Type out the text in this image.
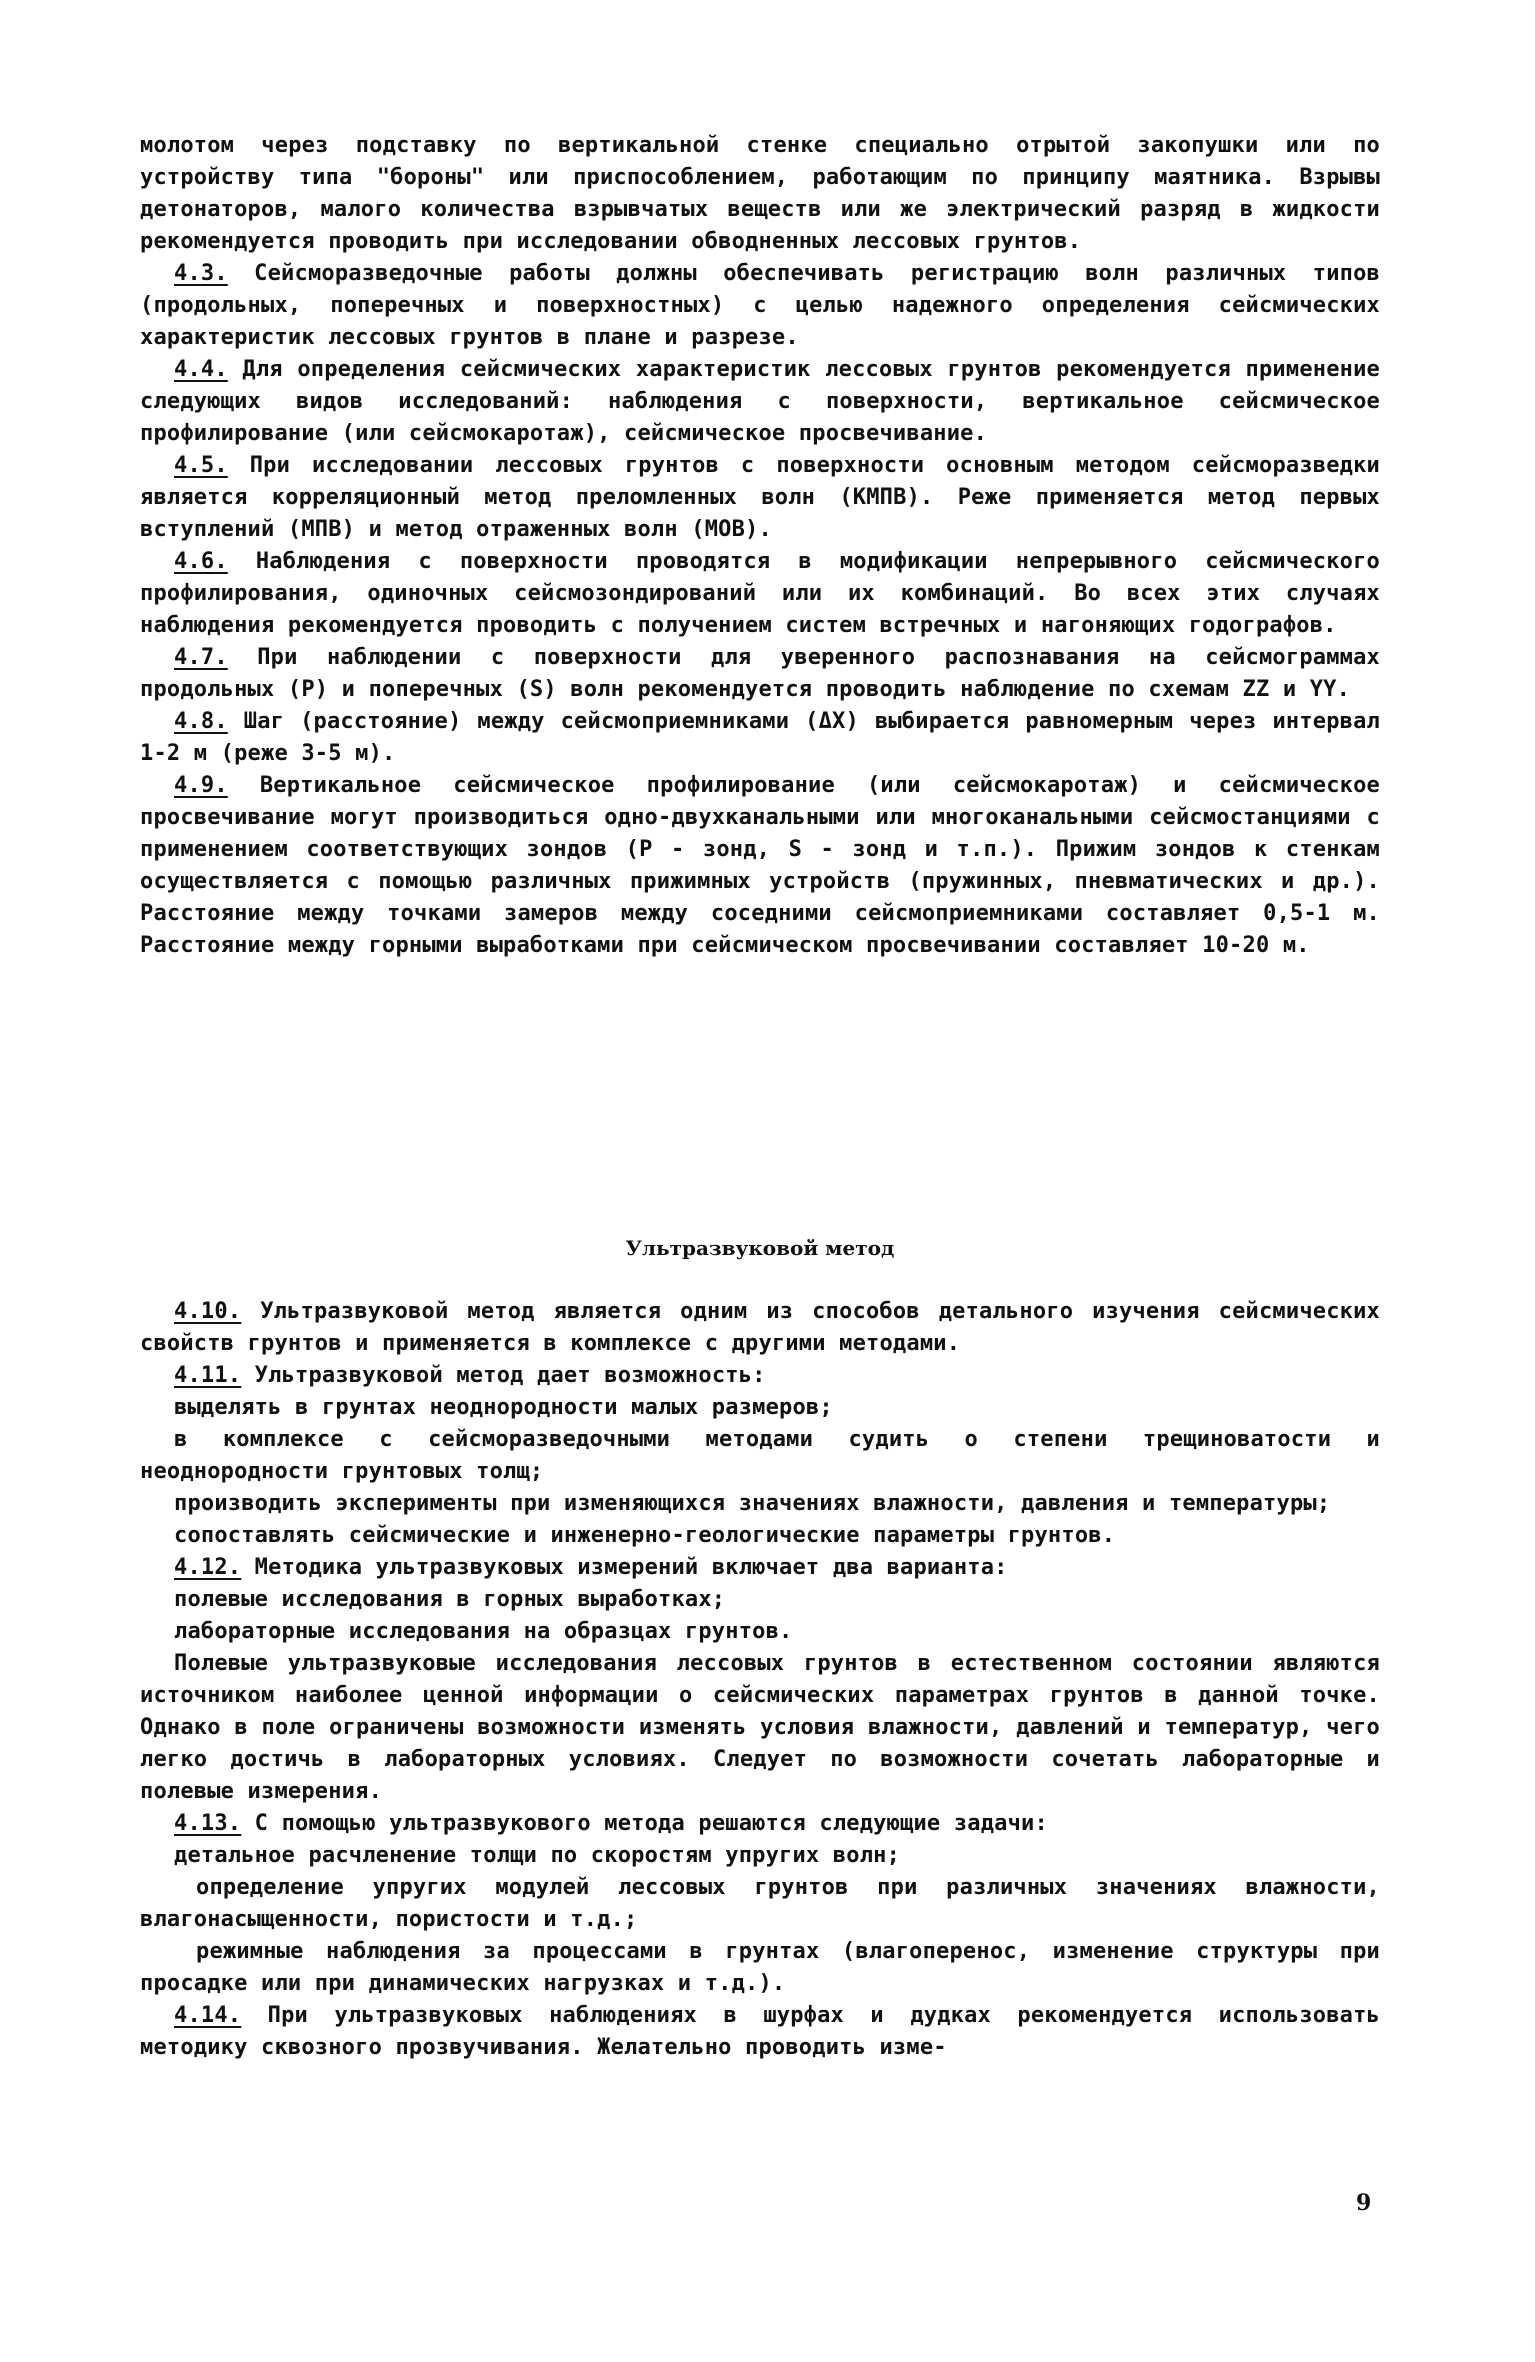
молотом через подставку по вертикальной стенке специально отрытой закопушки или по устройству типа "бороны" или приспособлением, работающим по принципу маятника. Взрывы детонаторов, малого количества взрывчатых веществ или же электрический разряд в жидкости рекомендуется проводить при исследовании обводненных лессовых грунтов.

4.3. Сейсморазведочные работы должны обеспечивать регистрацию волн различных типов (продольных, поперечных и поверхностных) с целью надежного определения сейсмических характеристик лессовых грунтов в плане и разрезе.

4.4. Для определения сейсмических характеристик лессовых грунтов рекомендуется применение следующих видов исследований: наблюдения с поверхности, вертикальное сейсмическое профилирование (или сейсмокаротаж), сейсмическое просвечивание.

4.5. При исследовании лессовых грунтов с поверхности основным методом сейсморазведки является корреляционный метод преломленных волн (КМПВ). Реже применяется метод первых вступлений (МПВ) и метод отраженных волн (МОВ).

4.6. Наблюдения с поверхности проводятся в модификации непрерывного сейсмического профилирования, одиночных сейсмозондирований или их комбинаций. Во всех этих случаях наблюдения рекомендуется проводить с получением систем встречных и нагоняющих годографов.

4.7. При наблюдении с поверхности для уверенного распознавания на сейсмограммах продольных (P) и поперечных (S) волн рекомендуется проводить наблюдение по схемам ZZ и YY.

4.8. Шаг (расстояние) между сейсмоприемниками (ΔX) выбирается равномерным через интервал 1-2 м (реже 3-5 м).

4.9. Вертикальное сейсмическое профилирование (или сейсмокаротаж) и сейсмическое просвечивание могут производиться одно-двухканальными или многоканальными сейсмостанциями с применением соответствующих зондов (P - зонд, S - зонд и т.п.). Прижим зондов к стенкам осуществляется с помощью различных прижимных устройств (пружинных, пневматических и др.). Расстояние между точками замеров между соседними сейсмоприемниками составляет 0,5-1 м. Расстояние между горными выработками при сейсмическом просвечивании составляет 10-20 м.

Ультразвуковой метод

4.10. Ультразвуковой метод является одним из способов детального изучения сейсмических свойств грунтов и применяется в комплексе с другими методами.

4.11. Ультразвуковой метод дает возможность:

выделять в грунтах неоднородности малых размеров;

в комплексе с сейсморазведочными методами судить о степени трещиноватости и неоднородности грунтовых толщ;

производить эксперименты при изменяющихся значениях влажности, давления и температуры;

сопоставлять сейсмические и инженерно-геологические параметры грунтов.

4.12. Методика ультразвуковых измерений включает два варианта:

полевые исследования в горных выработках;

лабораторные исследования на образцах грунтов.

Полевые ультразвуковые исследования лессовых грунтов в естественном состоянии являются источником наиболее ценной информации о сейсмических параметрах грунтов в данной точке. Однако в поле ограничены возможности изменять условия влажности, давлений и температур, чего легко достичь в лабораторных условиях. Следует по возможности сочетать лабораторные и полевые измерения.

4.13. С помощью ультразвукового метода решаются следующие задачи:

детальное расчленение толщи по скоростям упругих волн;

определение упругих модулей лессовых грунтов при различных значениях влажности, влагонасыщенности, пористости и т.д.;

режимные наблюдения за процессами в грунтах (влагоперенос, изменение структуры при просадке или при динамических нагрузках и т.д.).

4.14. При ультразвуковых наблюдениях в шурфах и дудках рекомендуется использовать методику сквозного прозвучивания. Желательно проводить изме-

9
